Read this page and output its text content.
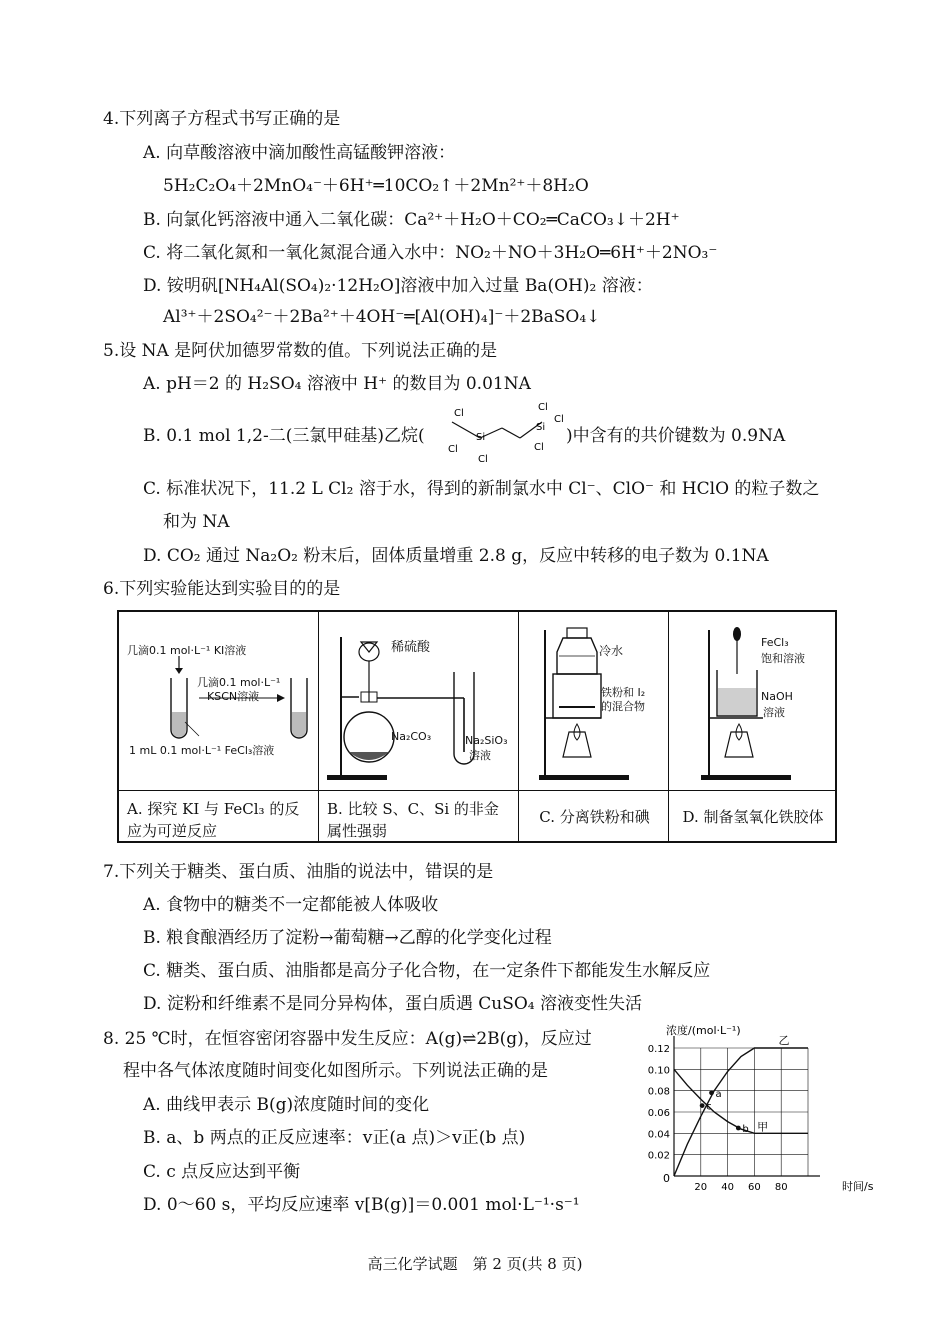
4.下列离子方程式书写正确的是
A. 向草酸溶液中滴加酸性高锰酸钾溶液：
5H₂C₂O₄＋2MnO₄⁻＋6H⁺═10CO₂↑＋2Mn²⁺＋8H₂O
B. 向氯化钙溶液中通入二氧化碳：Ca²⁺＋H₂O＋CO₂═CaCO₃↓＋2H⁺
C. 将二氧化氮和一氧化氮混合通入水中：NO₂＋NO＋3H₂O═6H⁺＋2NO₃⁻
D. 铵明矾[NH₄Al(SO₄)₂·12H₂O]溶液中加入过量 Ba(OH)₂ 溶液：
Al³⁺＋2SO₄²⁻＋2Ba²⁺＋4OH⁻═[Al(OH)₄]⁻＋2BaSO₄↓
5.设 NA 是阿伏加德罗常数的值。下列说法正确的是
A. pH＝2 的 H₂SO₄ 溶液中 H⁺ 的数目为 0.01NA
B. 0.1 mol 1,2-二(三氯甲硅基)乙烷(
Cl
Si
Cl
Cl
Cl
Si
Cl
Cl
)中含有的共价键数为 0.9NA
C. 标准状况下，11.2 L Cl₂ 溶于水，得到的新制氯水中 Cl⁻、ClO⁻ 和 HClO 的粒子数之
和为 NA
D. CO₂ 通过 Na₂O₂ 粉末后，固体质量增重 2.8 g，反应中转移的电子数为 0.1NA
6.下列实验能达到实验目的的是
几滴0.1 mol·L⁻¹ KI溶液
几滴0.1 mol·L⁻¹
KSCN溶液
1 mL 0.1 mol·L⁻¹ FeCl₃溶液
A. 探究 KI 与 FeCl₃ 的反应为可逆反应
稀硫酸
Na₂CO₃	Na₂SiO₃
溶液
B. 比较 S、C、Si 的非金属性强弱
冷水
铁粉和 I₂
的混合物
C. 分离铁粉和碘
FeCl₃
饱和溶液
NaOH
溶液
D. 制备氢氧化铁胶体
7.下列关于糖类、蛋白质、油脂的说法中，错误的是
A. 食物中的糖类不一定都能被人体吸收
B. 粮食酿酒经历了淀粉→葡萄糖→乙醇的化学变化过程
C. 糖类、蛋白质、油脂都是高分子化合物，在一定条件下都能发生水解反应
D. 淀粉和纤维素不是同分异构体，蛋白质遇 CuSO₄ 溶液变性失活
8. 25 ℃时，在恒容密闭容器中发生反应：A(g)⇌2B(g)，反应过
程中各气体浓度随时间变化如图所示。下列说法正确的是
A. 曲线甲表示 B(g)浓度随时间的变化
B. a、b 两点的正反应速率：v正(a 点)＞v正(b 点)
C. c 点反应达到平衡
D. 0～60 s，平均反应速率 v[B(g)]＝0.001 mol·L⁻¹·s⁻¹
浓度/(mol·L⁻¹)
时间/s
0
0.12
0.10
0.08
0.06
0.04
0.02
20 40 60 80
甲
乙
a
c
b
高三化学试题　第 2 页(共 8 页)
